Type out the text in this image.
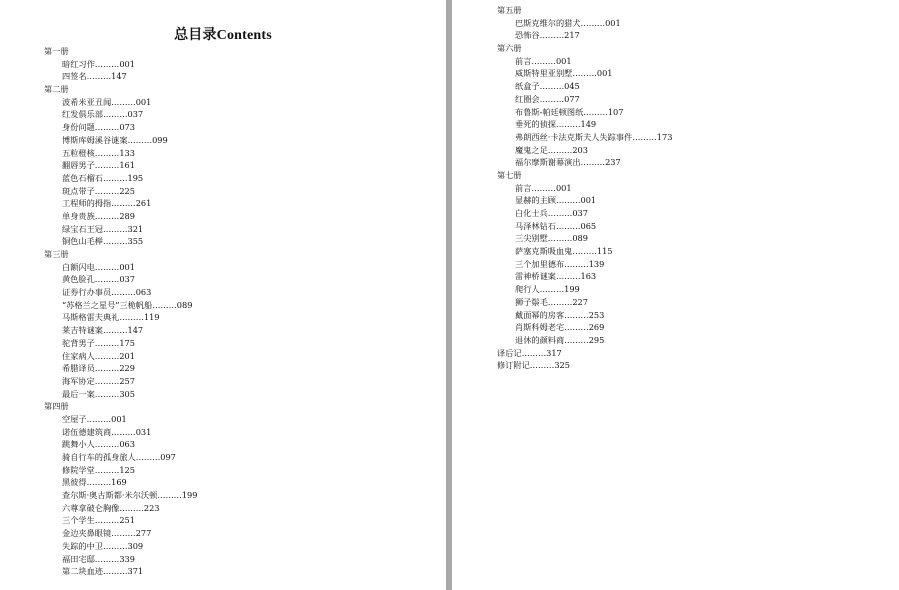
总目录Contents
第一册
暗红习作………001
四签名………147
第二册
波希米亚丑闻………001
红发俱乐部………037
身份问题………073
博斯库姆溪谷谜案………099
五粒橙核………133
翻唇男子………161
蓝色石榴石………195
斑点带子………225
工程师的拇指………261
单身贵族………289
绿宝石王冠………321
铜色山毛榉………355
第三册
白额闪电………001
黄色脸孔………037
证券行办事员………063
“苏格兰之星号”三桅帆船………089
马斯格雷夫典礼………119
莱吉特谜案………147
驼背男子………175
住家病人………201
希腊译员………229
海军协定………257
最后一案………305
第四册
空屋子………001
诺伍德建筑商………031
跳舞小人………063
骑自行车的孤身旅人………097
修院学堂………125
黑彼得………169
查尔斯·奥古斯都·米尔沃顿………199
六尊拿破仑胸像………223
三个学生………251
金边夹鼻眼镜………277
失踪的中卫………309
福田宅邸………339
第二块血迹………371
第五册
巴斯克维尔的猎犬………001
恐怖谷………217
第六册
前言………001
威斯特里亚别墅………001
纸盒子………045
红圈会………077
布鲁斯-帕廷顿图纸………107
垂死的侦探………149
弗朗西丝·卡法克斯夫人失踪事件………173
魔鬼之足………203
福尔摩斯谢幕演出………237
第七册
前言………001
显赫的主顾………001
白化士兵………037
马泽林钻石………065
三尖别墅………089
萨塞克斯吸血鬼………115
三个加里德布………139
雷神桥谜案………163
爬行人………199
狮子鬃毛………227
戴面幂的房客………253
肖斯科姆老宅………269
退休的颜料商………295
译后记………317
修订附记………325
